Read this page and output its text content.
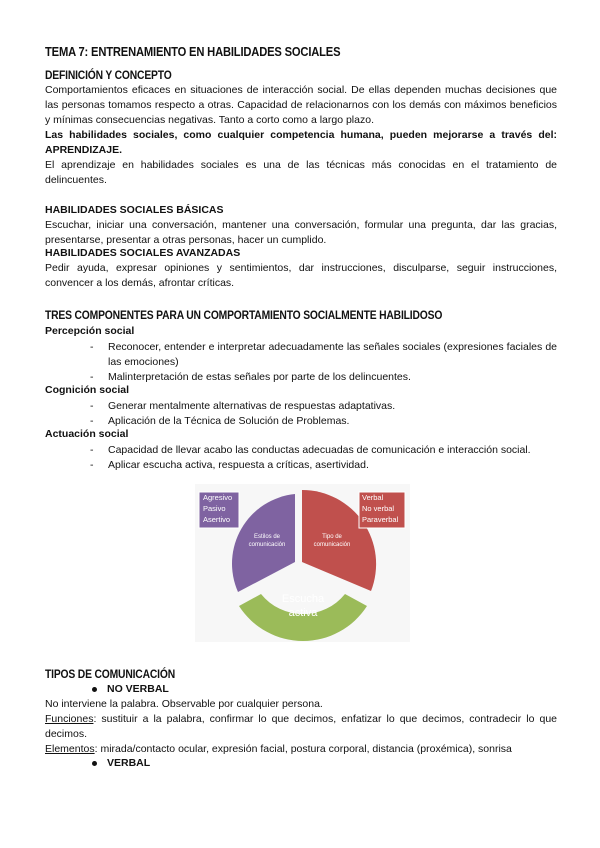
TEMA 7: ENTRENAMIENTO EN HABILIDADES SOCIALES
DEFINICIÓN Y CONCEPTO
Comportamientos eficaces en situaciones de interacción social. De ellas dependen muchas decisiones que las personas tomamos respecto a otras. Capacidad de relacionarnos con los demás con máximos beneficios y mínimas consecuencias negativas. Tanto a corto como a largo plazo.
Las habilidades sociales, como cualquier competencia humana, pueden mejorarse a través del: APRENDIZAJE.
El aprendizaje en habilidades sociales es una de las técnicas más conocidas en el tratamiento de delincuentes.
HABILIDADES SOCIALES BÁSICAS
Escuchar, iniciar una conversación, mantener una conversación, formular una pregunta, dar las gracias, presentarse, presentar a otras personas, hacer un cumplido.
HABILIDADES SOCIALES AVANZADAS
Pedir ayuda, expresar opiniones y sentimientos, dar instrucciones, disculparse, seguir instrucciones, convencer a los demás, afrontar críticas.
TRES COMPONENTES PARA UN COMPORTAMIENTO SOCIALMENTE HABILIDOSO
Percepción social
- Reconocer, entender e interpretar adecuadamente las señales sociales (expresiones faciales de las emociones)
- Malinterpretación de estas señales por parte de los delincuentes.
Cognición social
- Generar mentalmente alternativas de respuestas adaptativas.
- Aplicación de la Técnica de Solución de Problemas.
Actuación social
- Capacidad de llevar acabo las conductas adecuadas de comunicación e interacción social.
- Aplicar escucha activa, respuesta a críticas, asertividad.
Agresivo
Pasivo
Asertivo
Verbal
No verbal
Paraverbal
Estilos de
comunicación
Tipo de
comunicación
Escucha
activa
TIPOS DE COMUNICACIÓN
NO VERBAL
No interviene la palabra. Observable por cualquier persona.
Funciones: sustituir a la palabra, confirmar lo que decimos, enfatizar lo que decimos, contradecir lo que decimos.
Elementos: mirada/contacto ocular, expresión facial, postura corporal, distancia (proxémica), sonrisa
VERBAL
